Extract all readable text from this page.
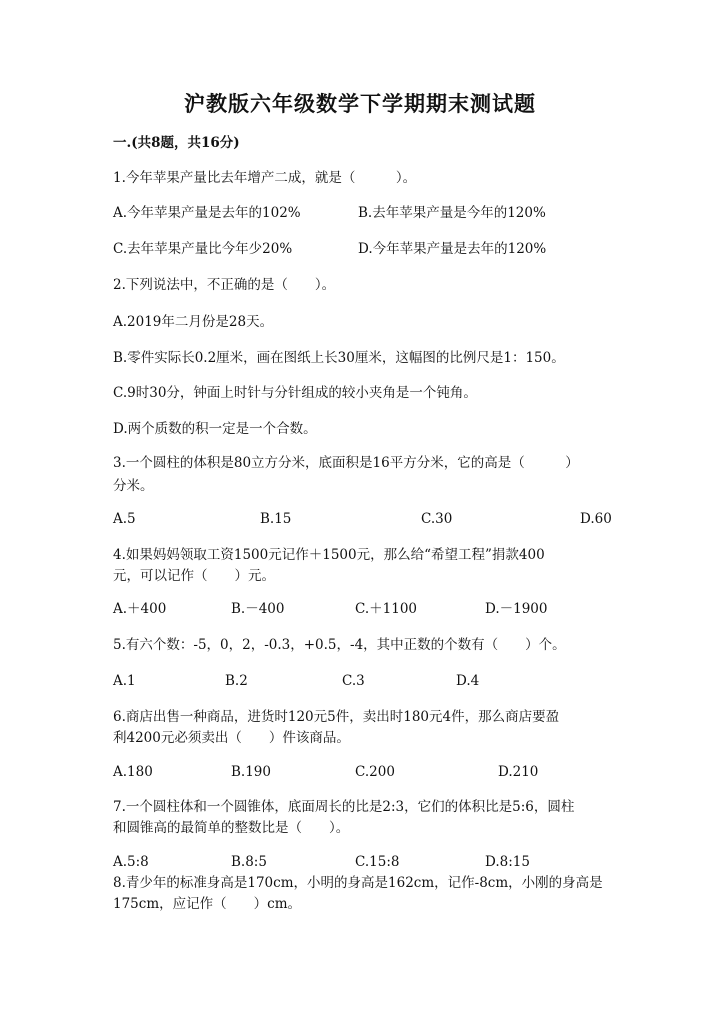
沪教版六年级数学下学期期末测试题
一.(共8题，共16分)
1.今年苹果产量比去年增产二成，就是（　　　）。
A.今年苹果产量是去年的102%	B.去年苹果产量是今年的120%
C.去年苹果产量比今年少20%	D.今年苹果产量是去年的120%
2.下列说法中，不正确的是（　　）。
A.2019年二月份是28天。
B.零件实际长0.2厘米，画在图纸上长30厘米，这幅图的比例尺是1：150。
C.9时30分，钟面上时针与分针组成的较小夹角是一个钝角。
D.两个质数的积一定是一个合数。
3.一个圆柱的体积是80立方分米，底面积是16平方分米，它的高是（　　　）
分米。
A.5	B.15	C.30	D.60
4.如果妈妈领取工资1500元记作＋1500元，那么给“希望工程”捐款400
元，可以记作（　　）元。
A.＋400	B.－400	C.＋1100	D.－1900
5.有六个数：-5，0，2，-0.3，+0.5，-4，其中正数的个数有（　　）个。
A.1	B.2	C.3	D.4
6.商店出售一种商品，进货时120元5件，卖出时180元4件，那么商店要盈
利4200元必须卖出（　　）件该商品。
A.180	B.190	C.200	D.210
7.一个圆柱体和一个圆锥体，底面周长的比是2:3，它们的体积比是5:6，圆柱
和圆锥高的最简单的整数比是（　　）。
A.5:8	B.8:5	C.15:8	D.8:15
8.青少年的标准身高是170cm，小明的身高是162cm，记作-8cm，小刚的身高是
175cm，应记作（　　）cm。
